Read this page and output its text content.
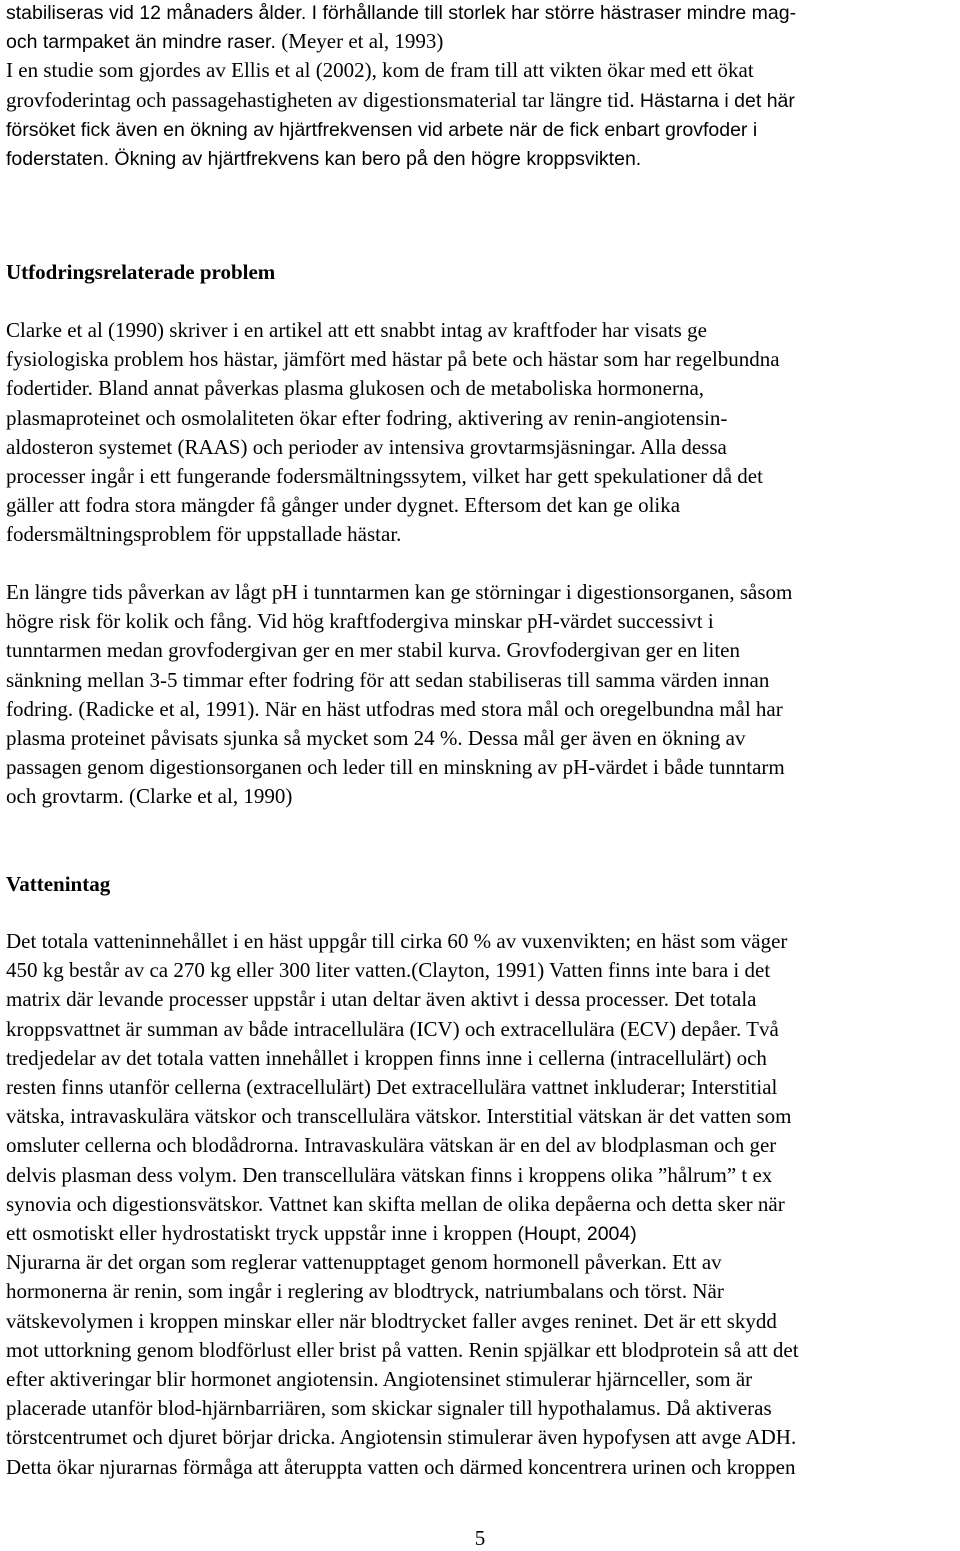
stabiliseras vid 12 månaders ålder. I förhållande till storlek har större hästraser mindre mag-
och tarmpaket än mindre raser. (Meyer et al, 1993)
I en studie som gjordes av Ellis et al (2002), kom de fram till att vikten ökar med ett ökat
grovfoderintag och passagehastigheten av digestionsmaterial tar längre tid. Hästarna i det här
försöket fick även en ökning av hjärtfrekvensen vid arbete när de fick enbart grovfoder i
foderstaten. Ökning av hjärtfrekvens kan bero på den högre kroppsvikten.
Utfodringsrelaterade problem
Clarke et al (1990) skriver i en artikel att ett snabbt intag av kraftfoder har visats ge
fysiologiska problem hos hästar, jämfört med hästar på bete och hästar som har regelbundna
fodertider. Bland annat påverkas plasma glukosen och de metaboliska hormonerna,
plasmaproteinet och osmolaliteten ökar efter fodring, aktivering av renin-angiotensin-
aldosteron systemet (RAAS) och perioder av intensiva grovtarmsjäsningar. Alla dessa
processer ingår i ett fungerande fodersmältningssytem, vilket har gett spekulationer då det
gäller att fodra stora mängder få gånger under dygnet. Eftersom det kan ge olika
fodersmältningsproblem för uppstallade hästar.
En längre tids påverkan av lågt pH i tunntarmen kan ge störningar i digestionsorganen, såsom
högre risk för kolik och fång. Vid hög kraftfodergiva minskar pH-värdet successivt i
tunntarmen medan grovfodergivan ger en mer stabil kurva. Grovfodergivan ger en liten
sänkning mellan 3-5 timmar efter fodring för att sedan stabiliseras till samma värden innan
fodring. (Radicke et al, 1991). När en häst utfodras med stora mål och oregelbundna mål har
plasma proteinet påvisats sjunka så mycket som 24 %. Dessa mål ger även en ökning av
passagen genom digestionsorganen och leder till en minskning av pH-värdet i både tunntarm
och grovtarm. (Clarke et al, 1990)
Vattenintag
Det totala vatteninnehållet i en häst uppgår till cirka 60 % av vuxenvikten; en häst som väger
450 kg består av ca 270 kg eller 300 liter vatten.(Clayton, 1991) Vatten finns inte bara i det
matrix där levande processer uppstår i utan deltar även aktivt i dessa processer. Det totala
kroppsvattnet är summan av både intracellulära (ICV) och extracellulära (ECV) depåer. Två
tredjedelar av det totala vatten innehållet i kroppen finns inne i cellerna (intracellulärt) och
resten finns utanför cellerna (extracellulärt) Det extracellulära vattnet inkluderar; Interstitial
vätska, intravaskulära vätskor och transcellulära vätskor. Interstitial vätskan är det vatten som
omsluter cellerna och blodådrorna. Intravaskulära vätskan är en del av blodplasman och ger
delvis plasman dess volym. Den transcellulära vätskan finns i kroppens olika ”hålrum” t ex
synovia och digestionsvätskor. Vattnet kan skifta mellan de olika depåerna och detta sker när
ett osmotiskt eller hydrostatiskt tryck uppstår inne i kroppen (Houpt, 2004)
Njurarna är det organ som reglerar vattenupptaget genom hormonell påverkan. Ett av
hormonerna är renin, som ingår i reglering av blodtryck, natriumbalans och törst. När
vätskevolymen i kroppen minskar eller när blodtrycket faller avges reninet. Det är ett skydd
mot uttorkning genom blodförlust eller brist på vatten. Renin spjälkar ett blodprotein så att det
efter aktiveringar blir hormonet angiotensin. Angiotensinet stimulerar hjärnceller, som är
placerade utanför blod-hjärnbarriären, som skickar signaler till hypothalamus. Då aktiveras
törstcentrumet och djuret börjar dricka. Angiotensin stimulerar även hypofysen att avge ADH.
Detta ökar njurarnas förmåga att återuppta vatten och därmed koncentrera urinen och kroppen
5
